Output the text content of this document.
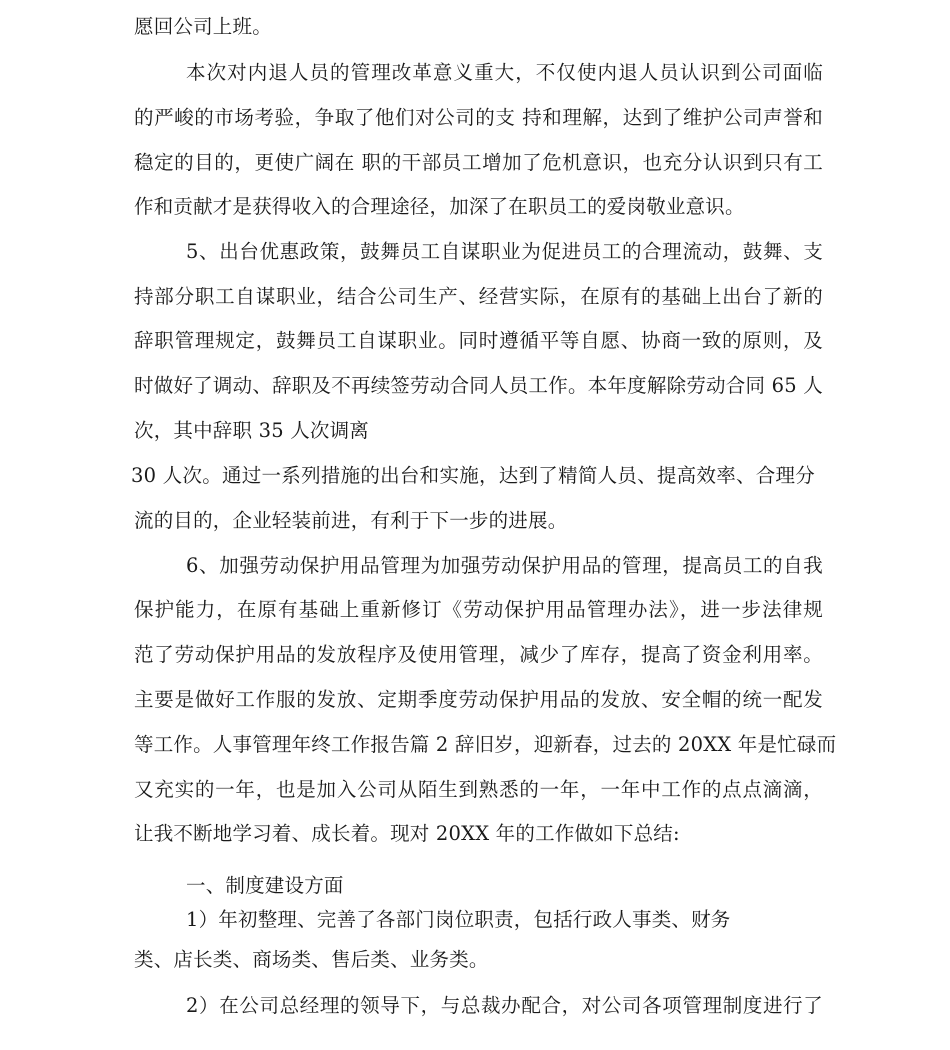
愿回公司上班。

本次对内退人员的管理改革意义重大，不仅使内退人员认识到公司面临

的严峻的市场考验，争取了他们对公司的支 持和理解，达到了维护公司声誉和

稳定的目的，更使广阔在 职的干部员工增加了危机意识，也充分认识到只有工

作和贡献才是获得收入的合理途径，加深了在职员工的爱岗敬业意识。

5、出台优惠政策，鼓舞员工自谋职业为促进员工的合理流动，鼓舞、支

持部分职工自谋职业，结合公司生产、经营实际，在原有的基础上出台了新的

辞职管理规定，鼓舞员工自谋职业。同时遵循平等自愿、协商一致的原则，及

时做好了调动、辞职及不再续签劳动合同人员工作。本年度解除劳动合同 65 人

次，其中辞职 35 人次调离

30 人次。通过一系列措施的出台和实施，达到了精简人员、提高效率、合理分

流的目的，企业轻装前进，有利于下一步的进展。

6、加强劳动保护用品管理为加强劳动保护用品的管理，提高员工的自我

保护能力，在原有基础上重新修订《劳动保护用品管理办法》，进一步法律规

范了劳动保护用品的发放程序及使用管理，减少了库存，提高了资金利用率。

主要是做好工作服的发放、定期季度劳动保护用品的发放、安全帽的统一配发

等工作。人事管理年终工作报告篇 2 辞旧岁，迎新春，过去的 20XX 年是忙碌而

又充实的一年，也是加入公司从陌生到熟悉的一年，一年中工作的点点滴滴，

让我不断地学习着、成长着。现对 20XX 年的工作做如下总结:

一、制度建设方面

1）年初整理、完善了各部门岗位职责，包括行政人事类、财务

类、店长类、商场类、售后类、业务类。

2）在公司总经理的领导下，与总裁办配合，对公司各项管理制度进行了
